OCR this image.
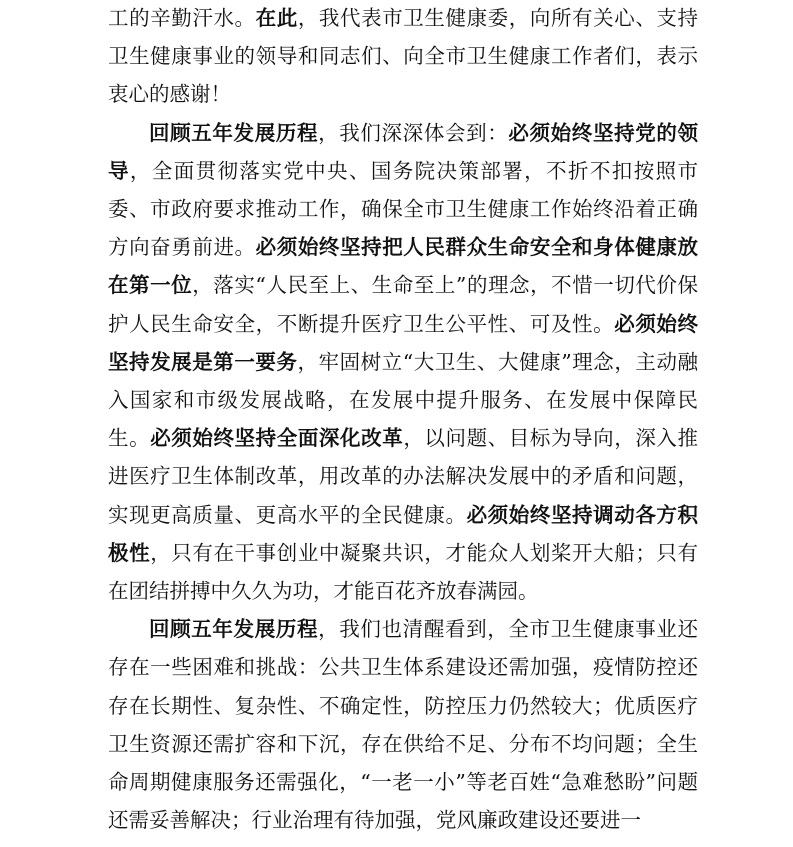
工的辛勤汗水。在此，我代表市卫生健康委，向所有关心、支持卫生健康事业的领导和同志们、向全市卫生健康工作者们，表示衷心的感谢！

回顾五年发展历程，我们深深体会到：必须始终坚持党的领导，全面贯彻落实党中央、国务院决策部署，不折不扣按照市委、市政府要求推动工作，确保全市卫生健康工作始终沿着正确方向奋勇前进。必须始终坚持把人民群众生命安全和身体健康放在第一位，落实“人民至上、生命至上”的理念，不惜一切代价保护人民生命安全，不断提升医疗卫生公平性、可及性。必须始终坚持发展是第一要务，牢固树立“大卫生、大健康”理念，主动融入国家和市级发展战略，在发展中提升服务、在发展中保障民生。必须始终坚持全面深化改革，以问题、目标为导向，深入推进医疗卫生体制改革，用改革的办法解决发展中的矛盾和问题，实现更高质量、更高水平的全民健康。必须始终坚持调动各方积极性，只有在干事创业中凝聚共识，才能众人划桨开大船；只有在团结拼搏中久久为功，才能百花齐放春满园。

回顾五年发展历程，我们也清醒看到，全市卫生健康事业还存在一些困难和挑战：公共卫生体系建设还需加强，疫情防控还存在长期性、复杂性、不确定性，防控压力仍然较大；优质医疗卫生资源还需扩容和下沉，存在供给不足、分布不均问题；全生命周期健康服务还需强化，“一老一小”等老百姓“急难愁盼”问题还需妥善解决；行业治理有待加强，党风廉政建设还要进一
